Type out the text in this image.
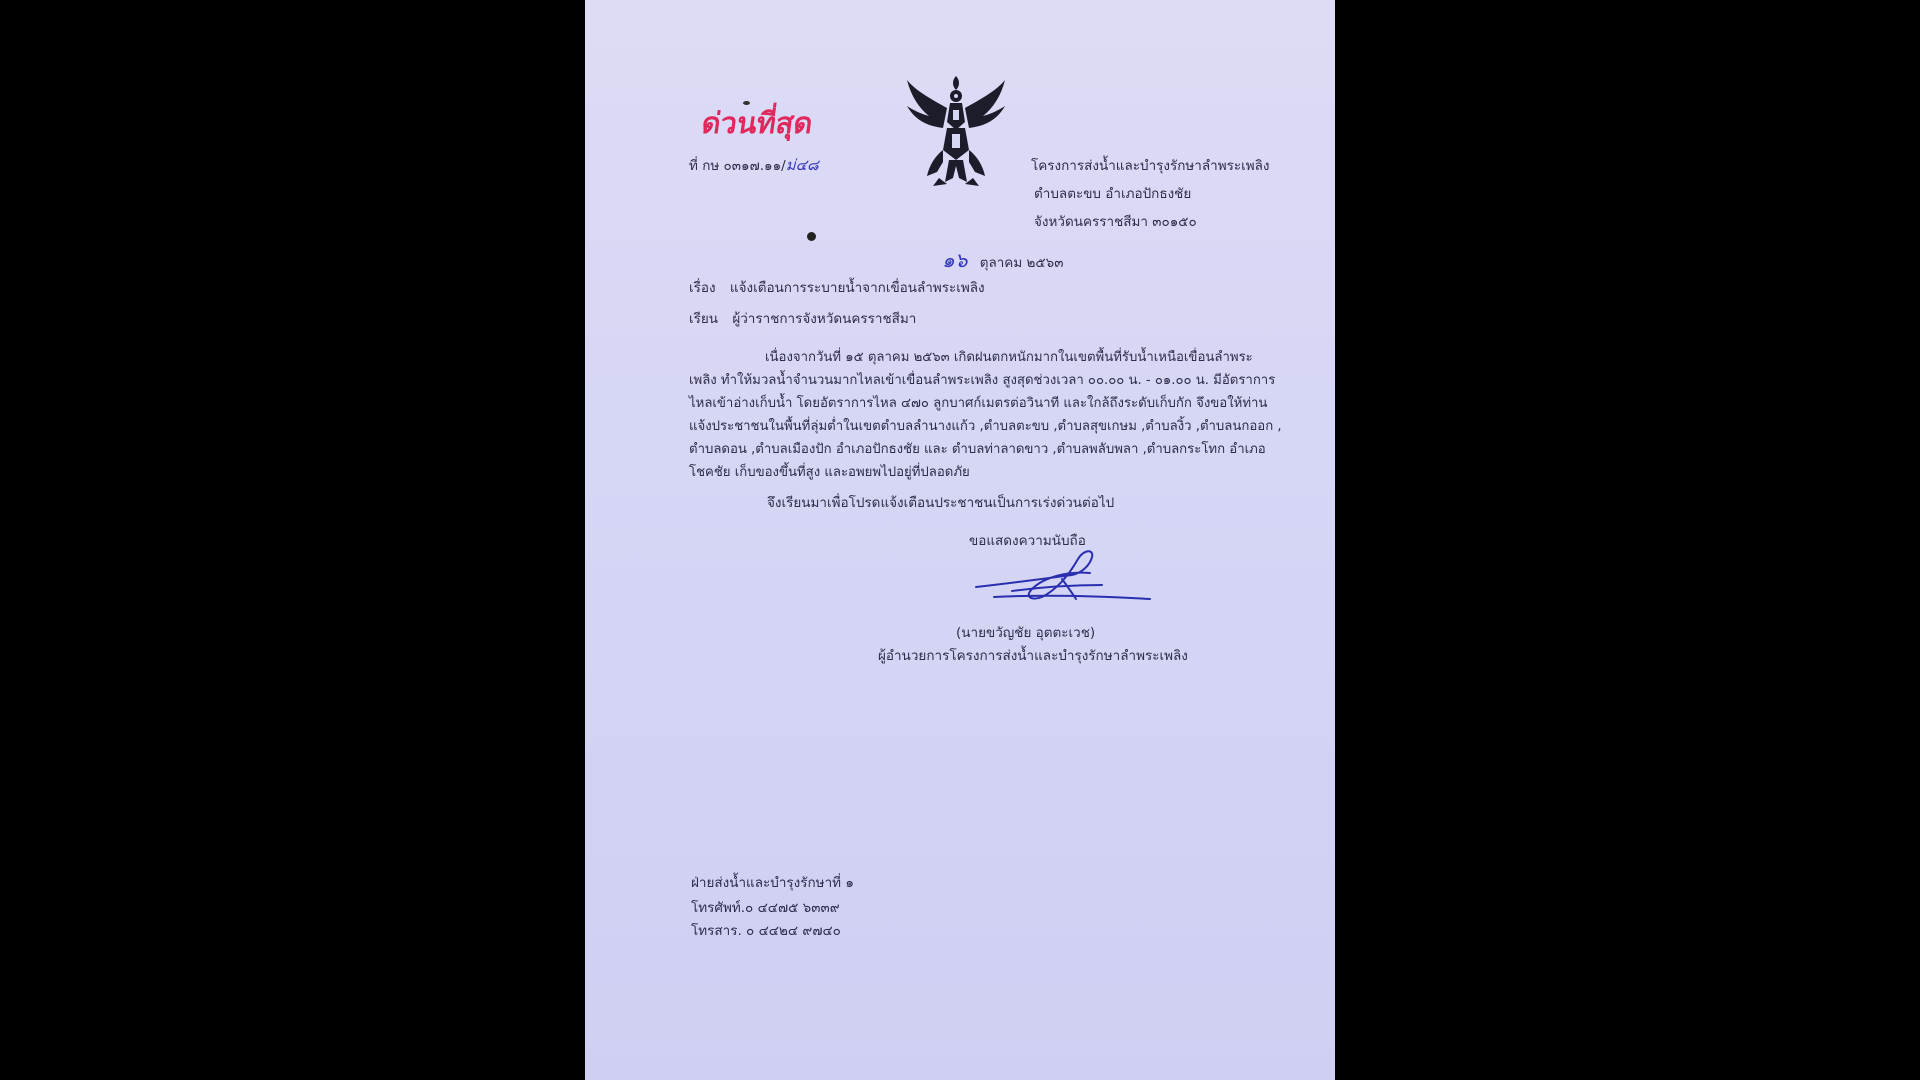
ด่วนที่สุด
ที่ กษ ๐๓๑๗.๑๑/ม่๔๘	โครงการส่งน้ำและบำรุงรักษาลำพระเพลิง
ตำบลตะขบ อำเภอปักธงชัย
จังหวัดนครราชสีมา ๓๐๑๕๐
๑๖ ตุลาคม ๒๕๖๓
เรื่อง แจ้งเตือนการระบายน้ำจากเขื่อนลำพระเพลิง
เรียน ผู้ว่าราชการจังหวัดนครราชสีมา
เนื่องจากวันที่ ๑๕ ตุลาคม ๒๕๖๓ เกิดฝนตกหนักมากในเขตพื้นที่รับน้ำเหนือเขื่อนลำพระ
เพลิง ทำให้มวลน้ำจำนวนมากไหลเข้าเขื่อนลำพระเพลิง สูงสุดช่วงเวลา ๐๐.๐๐ น. - ๐๑.๐๐ น. มีอัตราการ
ไหลเข้าอ่างเก็บน้ำ โดยอัตราการไหล ๔๗๐ ลูกบาศก์เมตรต่อวินาที และใกล้ถึงระดับเก็บกัก จึงขอให้ท่าน
แจ้งประชาชนในพื้นที่ลุ่มต่ำในเขตตำบลลำนางแก้ว ,ตำบลตะขบ ,ตำบลสุขเกษม ,ตำบลงิ้ว ,ตำบลนกออก ,
ตำบลดอน ,ตำบลเมืองปัก อำเภอปักธงชัย และ ตำบลท่าลาดขาว ,ตำบลพลับพลา ,ตำบลกระโทก อำเภอ
โชคชัย เก็บของขึ้นที่สูง และอพยพไปอยู่ที่ปลอดภัย
จึงเรียนมาเพื่อโปรดแจ้งเตือนประชาชนเป็นการเร่งด่วนต่อไป
ขอแสดงความนับถือ
(นายขวัญชัย อุตตะเวช)
ผู้อำนวยการโครงการส่งน้ำและบำรุงรักษาลำพระเพลิง
ฝ่ายส่งน้ำและบำรุงรักษาที่ ๑
โทรศัพท์.๐ ๔๔๗๕ ๖๓๓๙
โทรสาร. ๐ ๔๔๒๔ ๙๗๔๐
